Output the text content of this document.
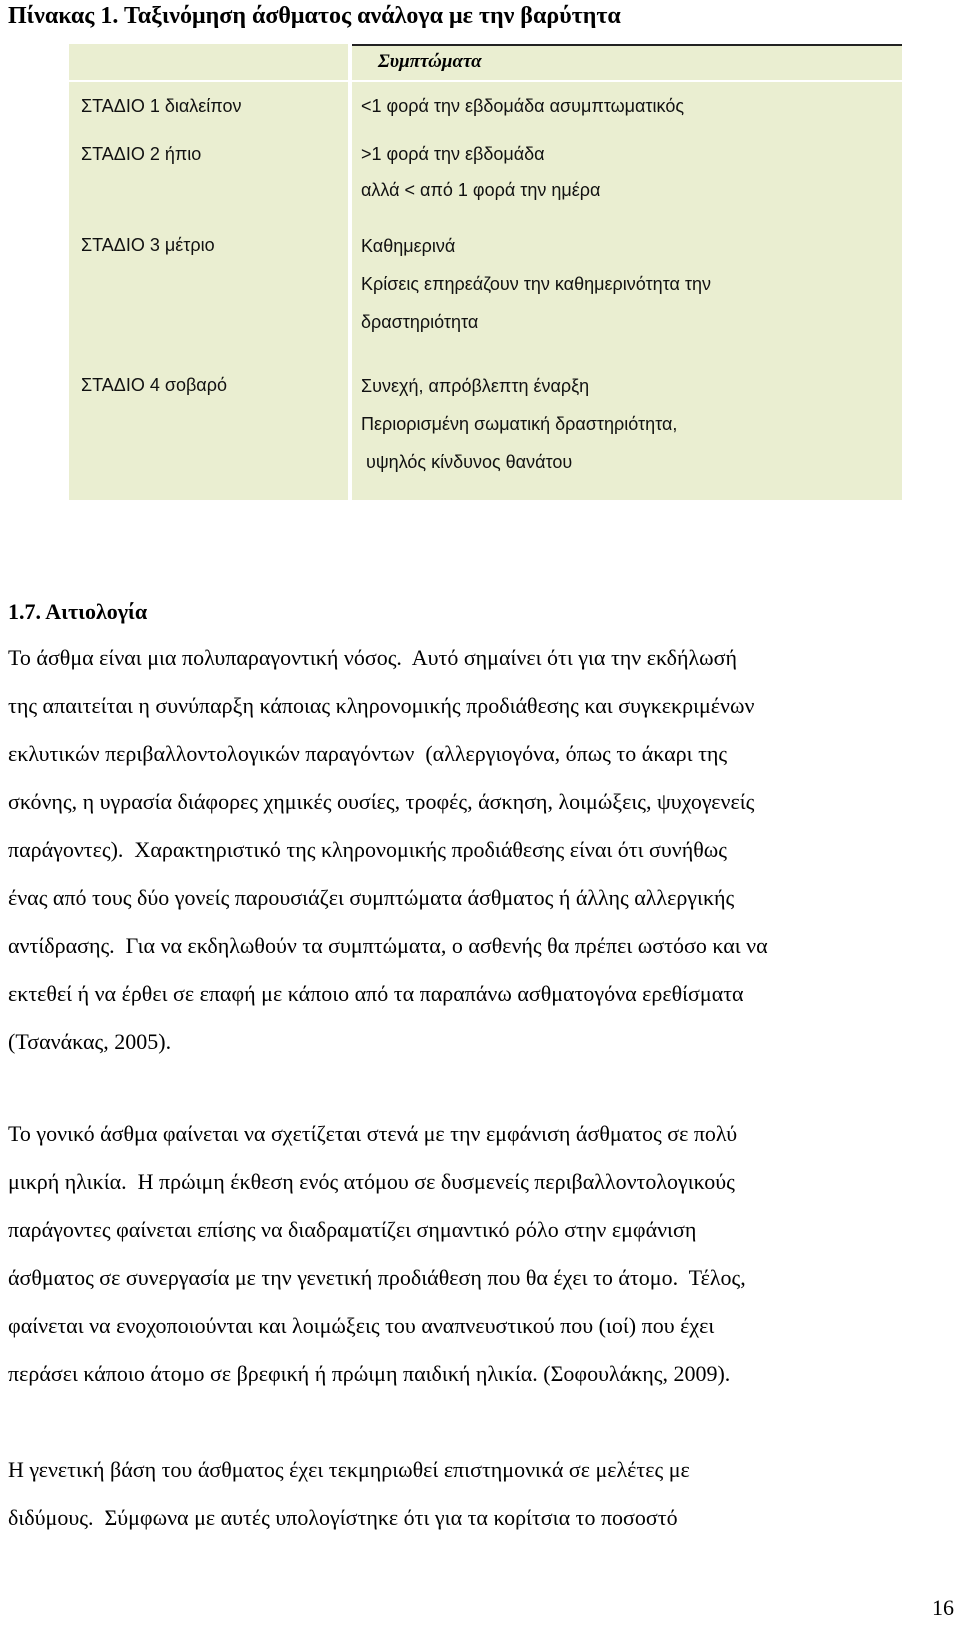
Πίνακας 1. Ταξινόμηση άσθματος ανάλογα με την βαρύτητα
Συμπτώματα
ΣΤΑΔΙΟ 1 διαλείπον	<1 φορά την εβδομάδα ασυμπτωματικός
ΣΤΑΔΙΟ 2 ήπιο	>1 φορά την εβδομάδα
αλλά < από 1 φορά την ημέρα
ΣΤΑΔΙΟ 3 μέτριο	Καθημερινά
Κρίσεις επηρεάζουν την καθημερινότητα την
δραστηριότητα
ΣΤΑΔΙΟ 4 σοβαρό	Συνεχή, απρόβλεπτη έναρξη
Περιορισμένη σωματική δραστηριότητα,
υψηλός κίνδυνος θανάτου
1.7. Αιτιολογία
Το άσθμα είναι μια πολυπαραγοντική νόσος.  Αυτό σημαίνει ότι για την εκδήλωσή
της απαιτείται η συνύπαρξη κάποιας κληρονομικής προδιάθεσης και συγκεκριμένων
εκλυτικών περιβαλλοντολογικών παραγόντων  (αλλεργιογόνα, όπως το άκαρι της
σκόνης, η υγρασία διάφορες χημικές ουσίες, τροφές, άσκηση, λοιμώξεις, ψυχογενείς
παράγοντες).  Χαρακτηριστικό της κληρονομικής προδιάθεσης είναι ότι συνήθως
ένας από τους δύο γονείς παρουσιάζει συμπτώματα άσθματος ή άλλης αλλεργικής
αντίδρασης.  Για να εκδηλωθούν τα συμπτώματα, ο ασθενής θα πρέπει ωστόσο και να
εκτεθεί ή να έρθει σε επαφή με κάποιο από τα παραπάνω ασθματογόνα ερεθίσματα
(Τσανάκας, 2005).
Το γονικό άσθμα φαίνεται να σχετίζεται στενά με την εμφάνιση άσθματος σε πολύ
μικρή ηλικία.  Η πρώιμη έκθεση ενός ατόμου σε δυσμενείς περιβαλλοντολογικούς
παράγοντες φαίνεται επίσης να διαδραματίζει σημαντικό ρόλο στην εμφάνιση
άσθματος σε συνεργασία με την γενετική προδιάθεση που θα έχει το άτομο.  Τέλος,
φαίνεται να ενοχοποιούνται και λοιμώξεις του αναπνευστικού που (ιοί) που έχει
περάσει κάποιο άτομο σε βρεφική ή πρώιμη παιδική ηλικία. (Σοφουλάκης, 2009).
Η γενετική βάση του άσθματος έχει τεκμηριωθεί επιστημονικά σε μελέτες με
διδύμους.  Σύμφωνα με αυτές υπολογίστηκε ότι για τα κορίτσια το ποσοστό
16
